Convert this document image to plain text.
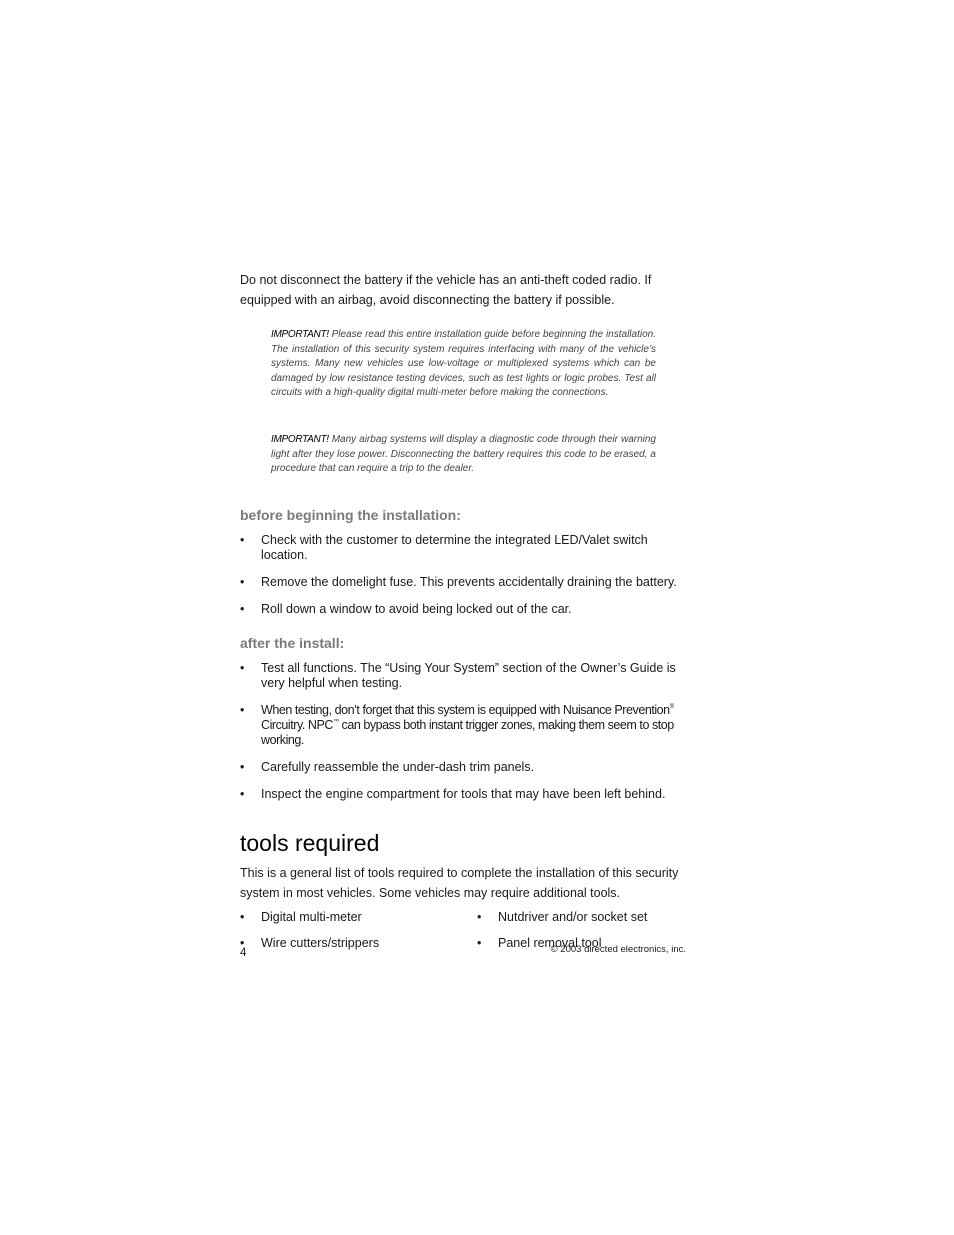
Do not disconnect the battery if the vehicle has an anti-theft coded radio. If equipped with an airbag, avoid disconnecting the battery if possible.

IMPORTANT! Please read this entire installation guide before beginning the installation. The installation of this security system requires interfacing with many of the vehicle’s systems. Many new vehicles use low-voltage or multiplexed systems which can be damaged by low resistance testing devices, such as test lights or logic probes. Test all circuits with a high-quality digital multi-meter before making the connections.

IMPORTANT! Many airbag systems will display a diagnostic code through their warning light after they lose power. Disconnecting the battery requires this code to be erased, a procedure that can require a trip to the dealer.

before beginning the installation:
• Check with the customer to determine the integrated LED/Valet switch location.
• Remove the domelight fuse. This prevents accidentally draining the battery.
• Roll down a window to avoid being locked out of the car.
after the install:
• Test all functions. The “Using Your System” section of the Owner’s Guide is very helpful when testing.
• When testing, don’t forget that this system is equipped with Nuisance Prevention® Circuitry. NPC™ can bypass both instant trigger zones, making them seem to stop working.
• Carefully reassemble the under-dash trim panels.
• Inspect the engine compartment for tools that may have been left behind.
tools required

This is a general list of tools required to complete the installation of this security system in most vehicles. Some vehicles may require additional tools.

• Digital multi-meter	• Nutdriver and/or socket set
• Wire cutters/strippers	• Panel removal tool
4	© 2003 directed electronics, inc.
